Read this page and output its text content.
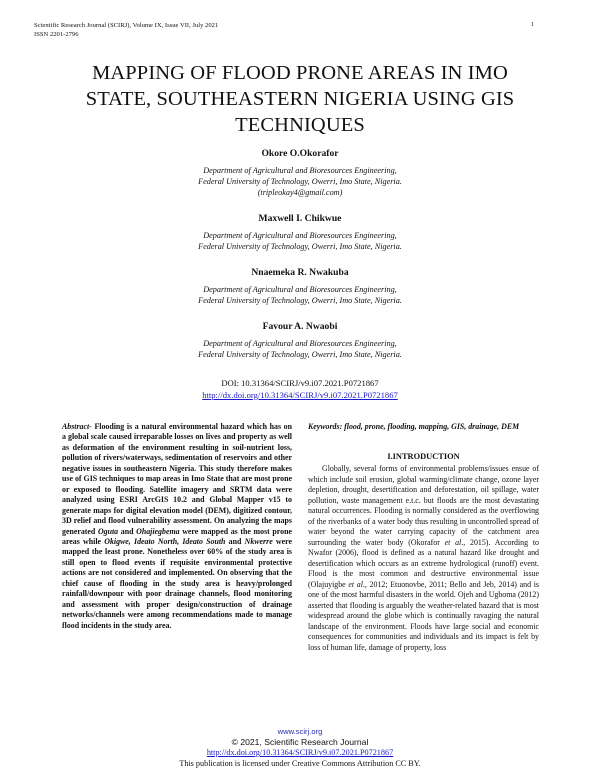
Scientific Research Journal (SCIRJ), Volume IX, Issue VII, July 2021
ISSN 2201-2796
1
MAPPING OF FLOOD PRONE AREAS IN IMO
STATE, SOUTHEASTERN NIGERIA USING GIS
TECHNIQUES
Okore O.Okorafor
Department of Agricultural and Bioresources Engineering,
Federal University of Technology, Owerri, Imo State, Nigeria.
(tripleokay4@gmail.com)
Maxwell I. Chikwue
Department of Agricultural and Bioresources Engineering,
Federal University of Technology, Owerri, Imo State, Nigeria.
Nnaemeka R. Nwakuba
Department of Agricultural and Bioresources Engineering,
Federal University of Technology, Owerri, Imo State, Nigeria.
Favour A. Nwaobi
Department of Agricultural and Bioresources Engineering,
Federal University of Technology, Owerri, Imo State, Nigeria.
DOI: 10.31364/SCIRJ/v9.i07.2021.P0721867
http://dx.doi.org/10.31364/SCIRJ/v9.i07.2021.P0721867
Abstract- Flooding is a natural environmental hazard which has on a global scale caused irreparable losses on lives and property as well as deformation of the environment resulting in soil-nutrient loss, pollution of rivers/waterways, sedimentation of reservoirs and other negative issues in southeastern Nigeria. This study therefore makes use of GIS techniques to map areas in Imo State that are most prone or exposed to flooding. Satellite imagery and SRTM data were analyzed using ESRI ArcGIS 10.2 and Global Mapper v15 to generate maps for digital elevation model (DEM), digitized contour, 3D relief and flood vulnerability assessment. On analyzing the maps generated Oguta and Ohajiegbema were mapped as the most prone areas while Okigwe, Ideato North, Ideato South and Nkwerre were mapped the least prone. Nonetheless over 60% of the study area is still open to flood events if requisite environmental protective actions are not considered and implemented. On observing that the chief cause of flooding in the study area is heavy/prolonged rainfall/downpour with poor drainage channels, flood monitoring and assessment with proper design/construction of drainage networks/channels were among recommendations made to manage flood incidents in the study area.
Keywords: flood, prone, flooding, mapping, GIS, drainage, DEM
I.INTRODUCTION
Globally, several forms of environmental problems/issues ensue of which include soil erosion, global warming/climate change, ozone layer depletion, drought, desertification and deforestation, oil spillage, water pollution, waste management e.t.c. but floods are the most devastating natural occurrences. Flooding is normally considered as the overflowing of the riverbanks of a water body thus resulting in uncontrolled spread of water beyond the water carrying capacity of the catchment area surrounding the water body (Okorafor et al., 2015). According to Nwafor (2006), flood is defined as a natural hazard like drought and desertification which occurs as an extreme hydrological (runoff) event. Flood is the most common and destructive environmental issue (Olajuyigbe et al., 2012; Etuonovbe, 2011; Bello and Jeb, 2014) and is one of the most harmful disasters in the world. Ojeh and Ugboma (2012) asserted that flooding is arguably the weather-related hazard that is most widespread around the globe which is continually ravaging the natural landscape of the environment. Floods have large social and economic consequences for communities and individuals and its impact is felt by loss of human life, damage of property, loss
www.scirj.org
© 2021, Scientific Research Journal
http://dx.doi.org/10.31364/SCIRJ/v9.i07.2021.P0721867
This publication is licensed under Creative Commons Attribution CC BY.
